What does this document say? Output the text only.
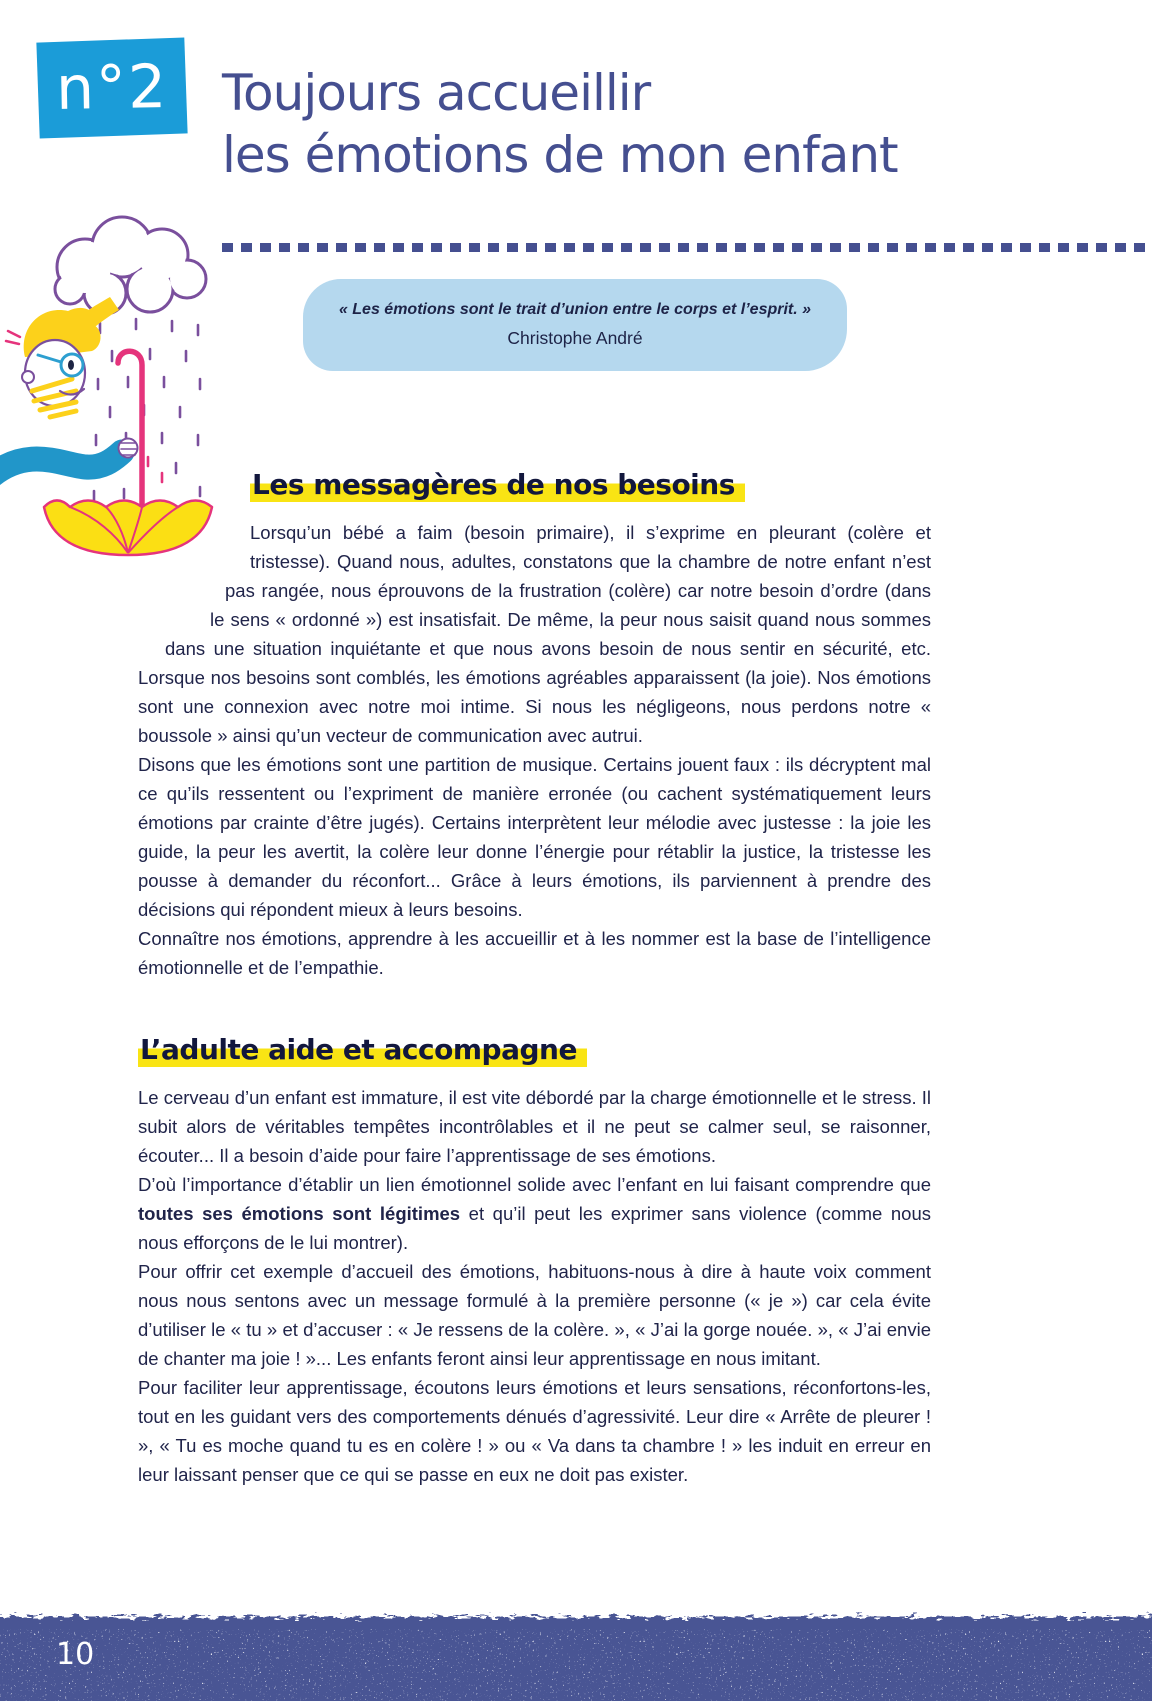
n°2 Toujours accueillir
les émotions de mon enfant
« Les émotions sont le trait d’union entre le corps et l’esprit. »
Christophe André
Les messagères de nos besoins

Lorsqu’un bébé a faim (besoin primaire), il s’exprime en pleurant (colère et tristesse). Quand nous, adultes, constatons que la chambre de notre enfant n’est pas rangée, nous éprouvons de la frustration (colère) car notre besoin d’ordre (dans le sens « ordonné ») est insatisfait. De même, la peur nous saisit quand nous sommes dans une situation inquiétante et que nous avons besoin de nous sentir en sécurité, etc. Lorsque nos besoins sont comblés, les émotions agréables apparaissent (la joie). Nos émotions sont une connexion avec notre moi intime. Si nous les négligeons, nous perdons notre « boussole » ainsi qu’un vecteur de communication avec autrui.

Disons que les émotions sont une partition de musique. Certains jouent faux : ils décryptent mal ce qu’ils ressentent ou l’expriment de manière erronée (ou cachent systématiquement leurs émotions par crainte d’être jugés). Certains interprètent leur mélodie avec justesse : la joie les guide, la peur les avertit, la colère leur donne l’énergie pour rétablir la justice, la tristesse les pousse à demander du réconfort... Grâce à leurs émotions, ils parviennent à prendre des décisions qui répondent mieux à leurs besoins.

Connaître nos émotions, apprendre à les accueillir et à les nommer est la base de l’intelligence émotionnelle et de l’empathie.

L’adulte aide et accompagne

Le cerveau d’un enfant est immature, il est vite débordé par la charge émotionnelle et le stress. Il subit alors de véritables tempêtes incontrôlables et il ne peut se calmer seul, se raisonner, écouter... Il a besoin d’aide pour faire l’apprentissage de ses émotions.

D’où l’importance d’établir un lien émotionnel solide avec l’enfant en lui faisant comprendre que toutes ses émotions sont légitimes et qu’il peut les exprimer sans violence (comme nous nous efforçons de le lui montrer).

Pour offrir cet exemple d’accueil des émotions, habituons-nous à dire à haute voix comment nous nous sentons avec un message formulé à la première personne (« je ») car cela évite d’utiliser le « tu » et d’accuser : « Je ressens de la colère. », « J’ai la gorge nouée. », « J’ai envie de chanter ma joie ! »... Les enfants feront ainsi leur apprentissage en nous imitant.

Pour faciliter leur apprentissage, écoutons leurs émotions et leurs sensations, réconfortons-les, tout en les guidant vers des comportements dénués d’agressivité. Leur dire « Arrête de pleurer ! », « Tu es moche quand tu es en colère ! » ou « Va dans ta chambre ! » les induit en erreur en leur laissant penser que ce qui se passe en eux ne doit pas exister.

10
